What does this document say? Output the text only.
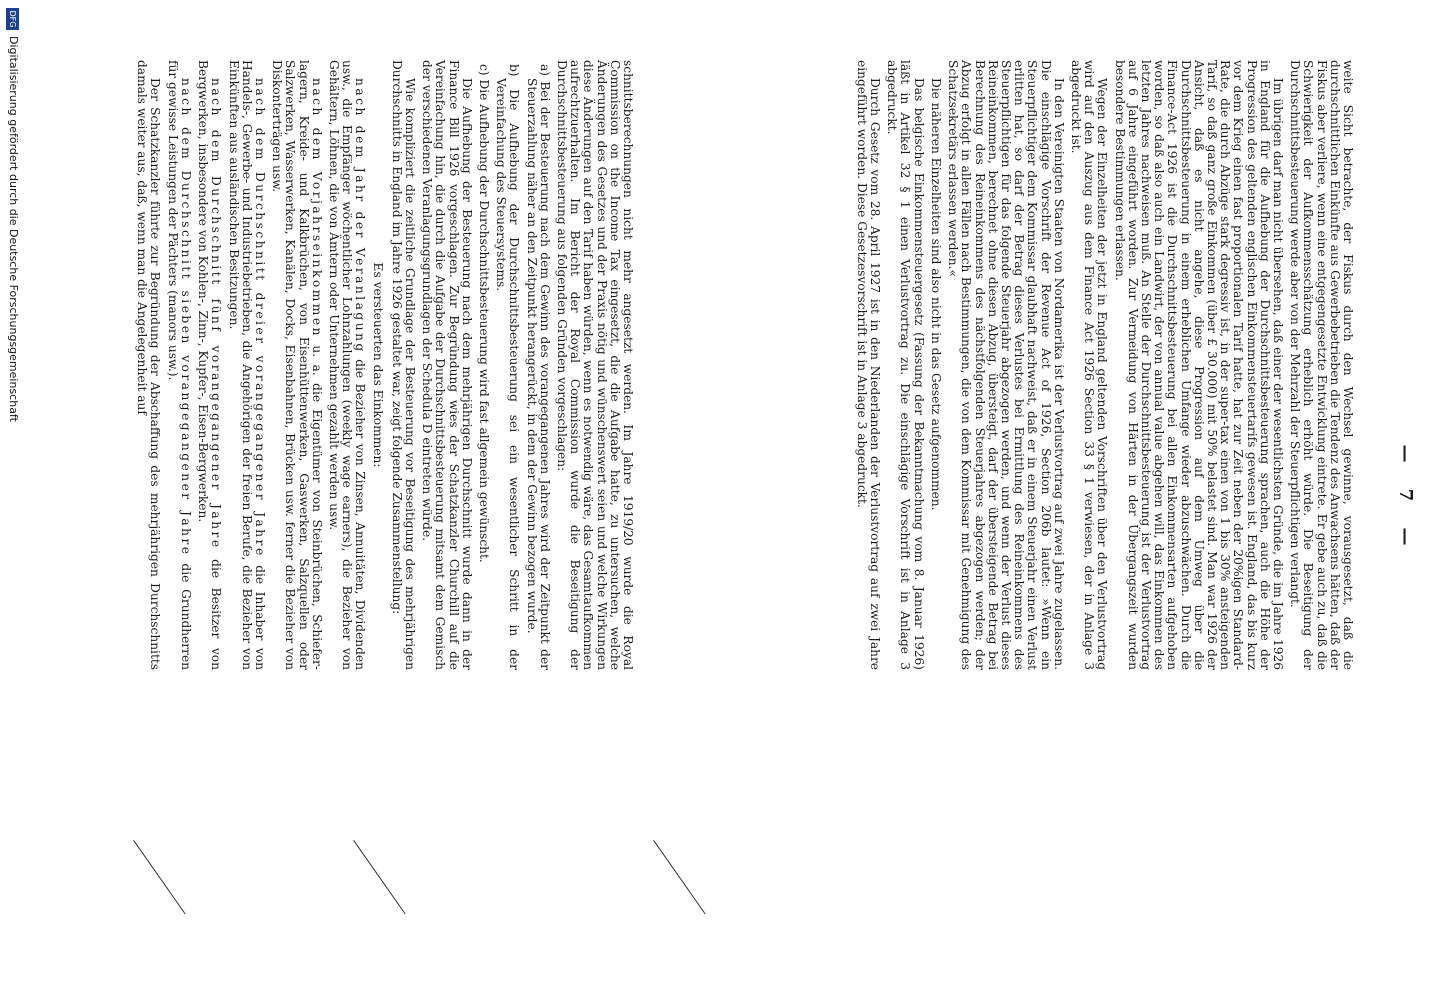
— 7 —

schnittsberechnungen nicht mehr angesetzt werden. Im Jahre 1919/20 wurde die Royal Commission on the Income Tax eingesetzt, die die Aufgabe hatte, zu untersuchen, welche Änderungen des Gesetzes und der Praxis nötig und wünschenswert seien und welche Wirkungen diese Änderungen auf den Tarif haben würden, wenn es notwendig wäre, das Gesamtaufkommen aufrechtzuerhalten. Im Bericht der Royal Commission wurde die Beseitigung der Durchschnittsbesteuerung aus folgenden Gründen vorgeschlagen:

a) Bei der Besteuerung nach dem Gewinn des vorangegangenen Jahres wird der Zeitpunkt der Steuerzahlung näher an den Zeitpunkt herangerückt, in dem der Gewinn bezogen wurde.
b) Die Aufhebung der Durchschnittsbesteuerung sei ein wesentlicher Schritt in der Vereinfachung des Steuersystems.
c) Die Aufhebung der Durchschnittsbesteuerung wird fast allgemein gewünscht.

Die Aufhebung der Besteuerung nach dem mehrjährigen Durchschnitt wurde dann in der Finance Bill 1926 vorgeschlagen. Zur Begründung wies der Schatzkanzler Churchill auf die Vereinfachung hin, die durch die Aufgabe der Durchschnittsbesteuerung mitsamt dem Gemisch der verschiedenen Veranlagungsgrundlagen der Schedula D eintreten würde.

Wie kompliziert die zeitliche Grundlage der Besteuerung vor Beseitigung des mehrjährigen Durchschnitts in England im Jahre 1926 gestaltet war, zeigt folgende Zusammenstellung:

Es versteuerten das Einkommen:

nach dem Jahr der Veranlagung die Bezieher von Zinsen, Annuitäten, Dividenden usw., die Empfänger wöchentlicher Lohnzahlungen (weekly wage earners), die Bezieher von Gehältern, Löhnen, die von Ämtern oder Unternehmen gezahlt werden usw.

nach dem Vorjahrseinkommen u. a. die Eigentümer von Steinbrüchen, Schiefer-lagern, Kreide- und Kalkbrüchen, von Eisenhüttenwerken, Gaswerken, Salzquellen oder Salzwerken, Wasserwerken, Kanälen, Docks, Eisenbahnen, Brücken usw. ferner die Bezieher von Diskonterträgen usw.

nach dem Durchschnitt dreier vorangegangener Jahre die Inhaber von Handels-, Gewerbe- und Industriebetrieben, die Angehörigen der freien Berufe, die Bezieher von Einkünften aus ausländischen Besitzungen.

nach dem Durchschnitt fünf vorangegangener Jahre die Besitzer von Bergwerken, insbesondere von Kohlen-, Zinn-, Kupfer-, Eisen-Bergwerken.

nach dem Durchschnitt sieben vorangegangener Jahre die Grundherren für gewisse Leistungen der Pächters (manors usw.).

Der Schatzkanzler führte zur Begründung der Abschaffung des mehrjährigen Durchschnitts damals weiter aus, daß, wenn man die Angelegenheit auf	weite Sicht betrachte, der Fiskus durch den Wechsel gewinne, vorausgesetzt, daß die durchschnittlichen Einkünfte aus Gewerbebetrieben die Tendenz des Anwachsens hätten, daß der Fiskus aber verliere, wenn eine entgegengesetzte Entwicklung eintrete. Er gebe auch zu, daß die Schwierigkeit der Aufkommensschätzung erheblich erhöht würde. Die Beseitigung der Durchschnittsbesteuerung werde aber von der Mehrzahl der Steuerpflichtigen verlangt.

Im übrigen darf man nicht übersehen, daß einer der wesentlichsten Gründe, die im Jahre 1926 in England für die Aufhebung der Durchschnittsbesteuerung sprachen, auch die Höhe der Progression des geltenden englischen Einkommensteuertarifs gewesen ist. England, das bis kurz vor dem Krieg einen fast proportionalen Tarif hatte, hat zur Zeit neben der 20%igen Standard-Rate, die durch Abzüge stark degressiv ist, in der super-tax einen von 1 bis 30% ansteigenden Tarif, so daß ganz große Einkommen (über £ 30.000) mit 50% belastet sind. Man war 1926 der Ansicht, daß es nicht angehe, diese Progression auf dem Umweg über die Durchschnittsbesteuerung in einem erheblichen Umfange wieder abzuschwächen. Durch die Finance-Act 1926 ist die Durchschnittsbesteuerung bei allen Einkommensarten aufgehoben worden, so daß also auch ein Landwirt, der von annual value abgehen will, das Einkommen des letzten Jahres nachweisen muß. An Stelle der Durchschnittsbesteuerung ist der Verlustvortrag auf 6 Jahre eingeführt worden. Zur Vermeidung von Härten in der Übergangszeit wurden besondere Bestimmungen erlassen.

Wegen der Einzelheiten der jetzt in England geltenden Vorschriften über den Verlustvortrag wird auf den Auszug aus dem Finance Act 1926 Section 33 § 1 verwiesen, der in Anlage 3 abgedruckt ist.

In den Vereinigten Staaten von Nordamerika ist der Verlustvortrag auf zwei Jahre zugelassen. Die einschlägige Vorschrift der Revenue Act of 1926, Section 206b lautet: »Wenn ein Steuerpflichtiger dem Kommissar glaubhaft nachweist, daß er in einem Steuerjahr einen Verlust erlitten hat, so darf der Betrag dieses Verlustes bei Ermittlung des Reineinkommens des Steuerpflichtigen für das folgende Steuerjahr abgezogen werden, und wenn der Verlust dieses Reineinkommen, berechnet ohne diesen Abzug, übersteigt, darf der übersteigende Betrag bei Berechnung des Reineinkommens des nächstfolgenden Steuerjahres abgezogen werden; der Abzug erfolgt in allen Fällen nach Bestimmungen, die von dem Kommissar mit Genehmigung des Schatzsekretärs erlassen werden.«

Die näheren Einzelheiten sind also nicht in das Gesetz aufgenommen.

Das belgische Einkommensteuergesetz (Fassung der Bekanntmachung vom 8. Januar 1926) läßt in Artikel 32 § 1 einen Verlustvortrag zu. Die einschlägige Vorschrift ist in Anlage 3 abgedruckt.

Durch Gesetz vom 28. April 1927 ist in den Niederlanden der Verlustvortrag auf zwei Jahre eingeführt worden. Diese Gesetzesvorschrift ist in Anlage 3 abgedruckt.

DFGDigitalisierung gefördert durch die Deutsche Forschungsgemeinschaft
